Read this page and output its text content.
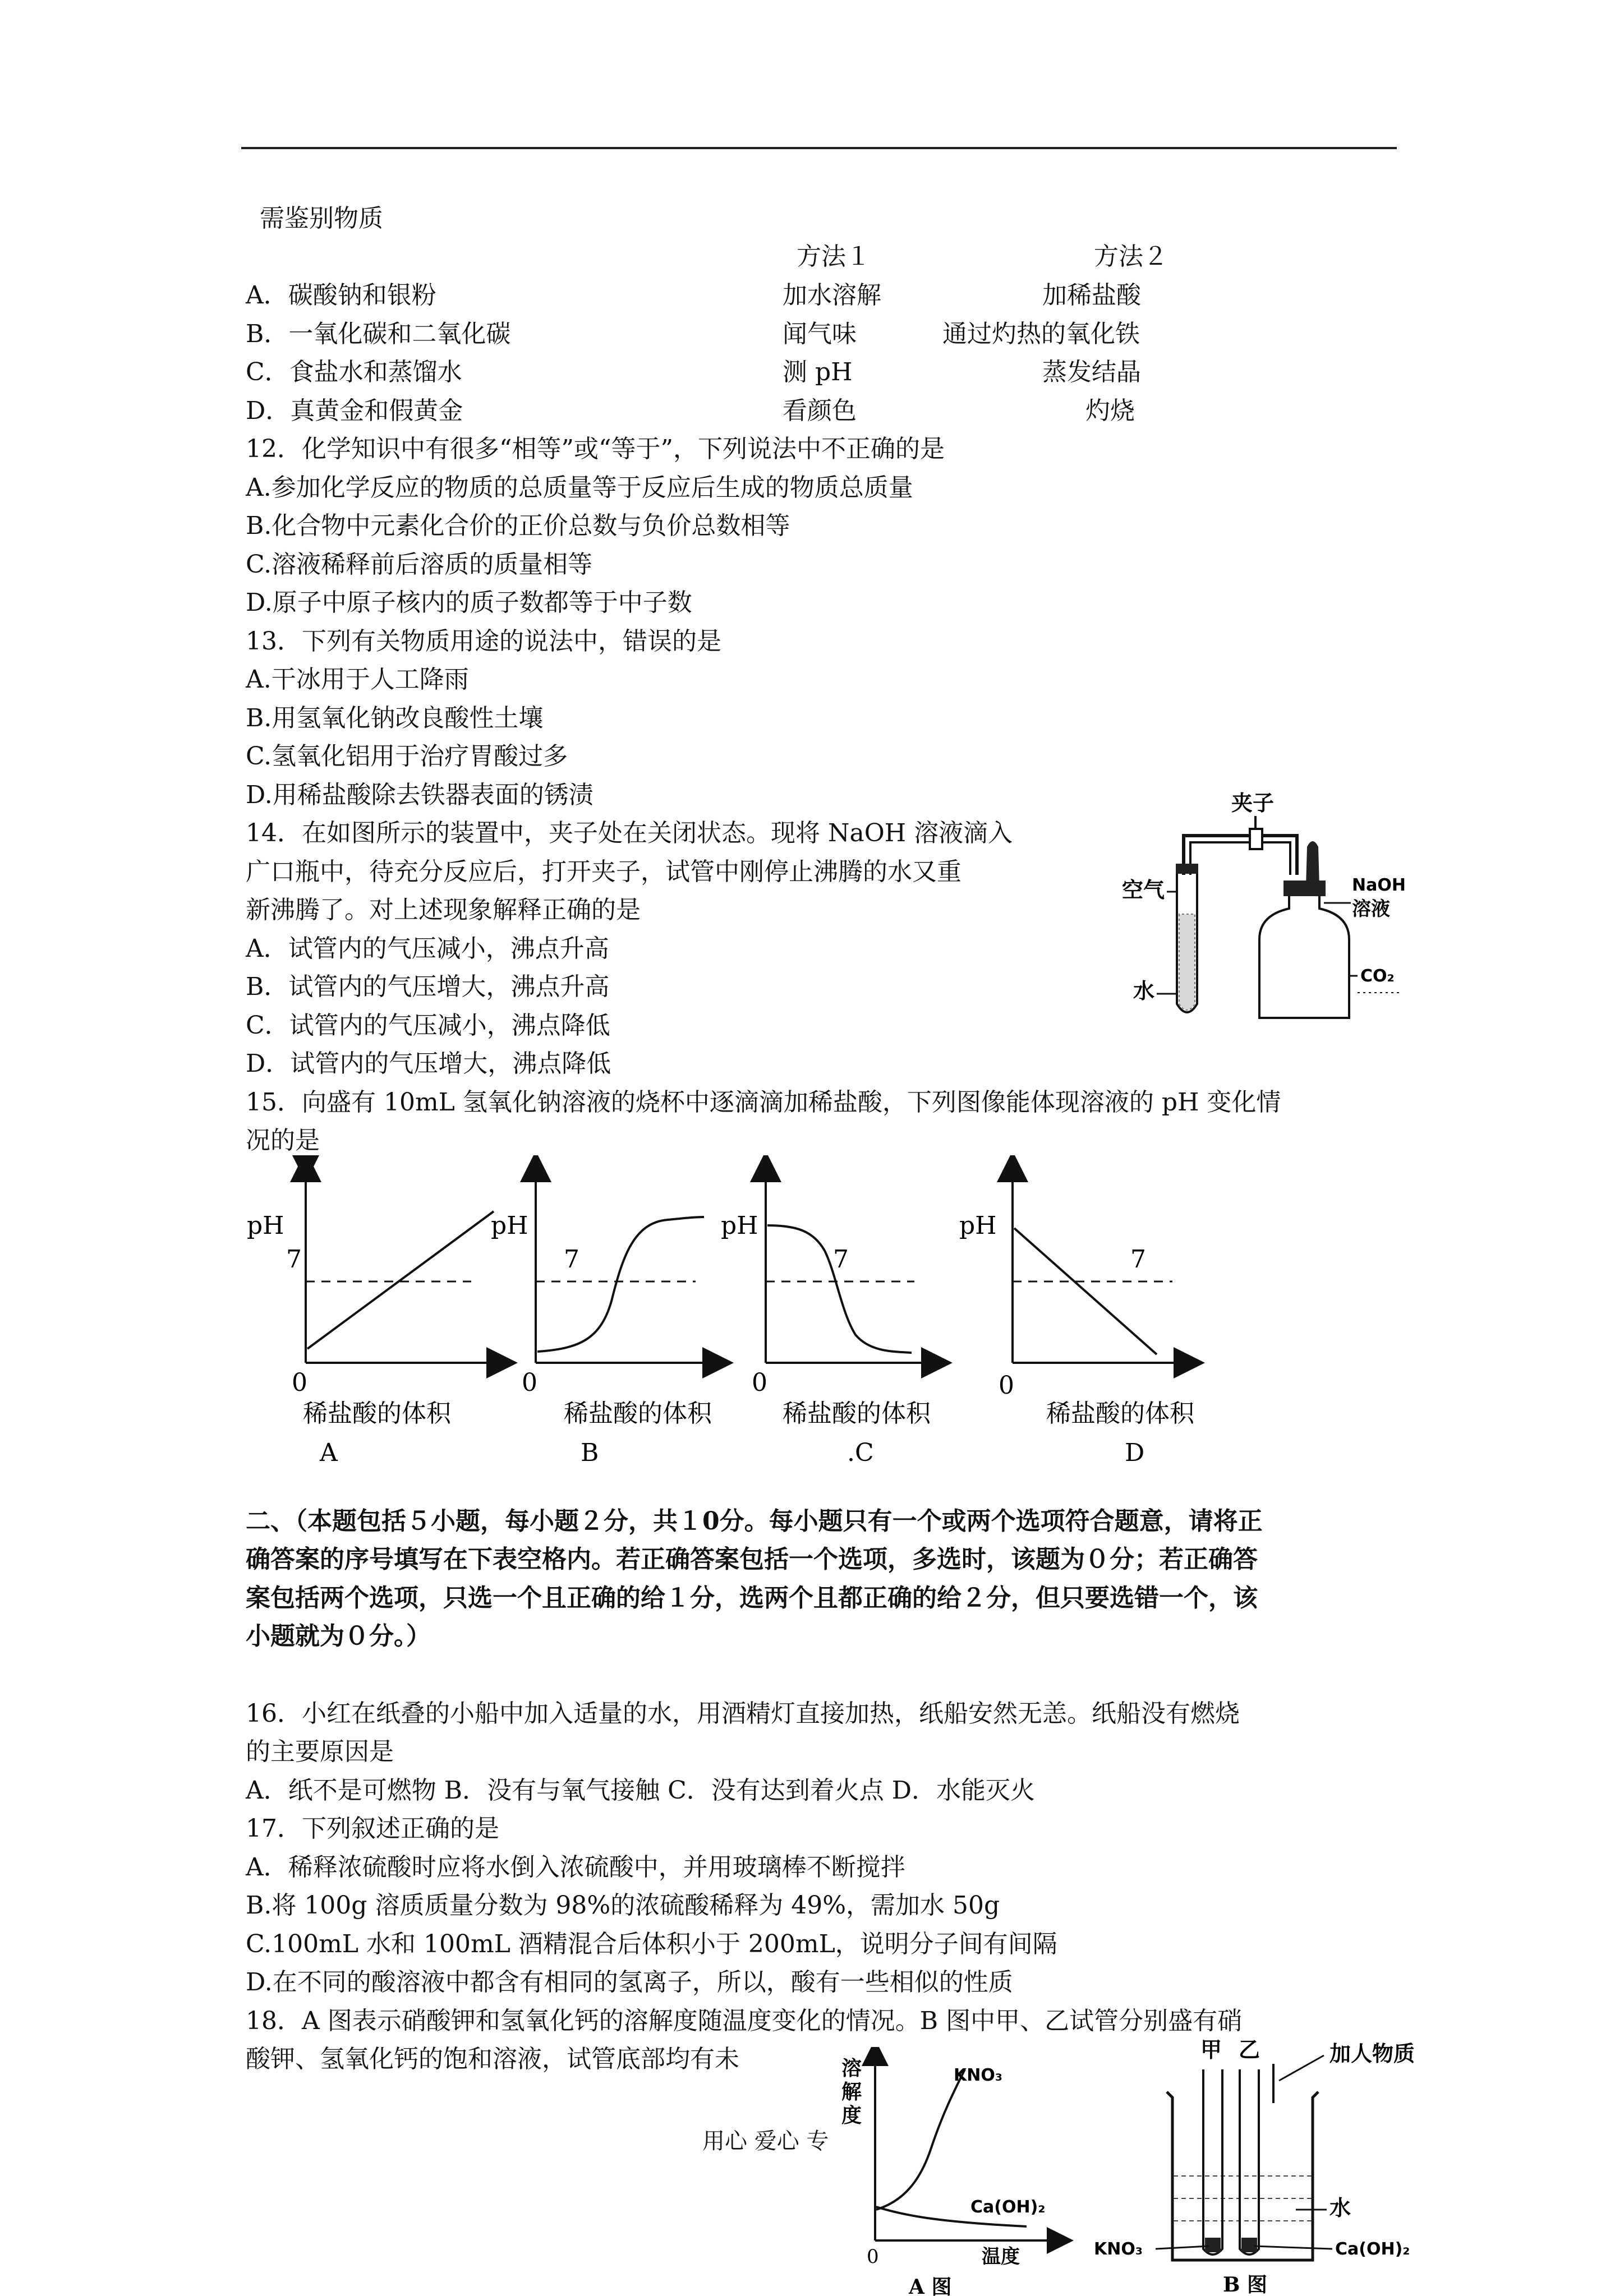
需鉴别物质
方法１	方法２
A．碳酸钠和银粉	加水溶解	加稀盐酸
B．一氧化碳和二氧化碳	闻气味	通过灼热的氧化铁
C．食盐水和蒸馏水	测 pH	蒸发结晶
D．真黄金和假黄金	看颜色	灼烧
12．化学知识中有很多“相等”或“等于”，下列说法中不正确的是
A.参加化学反应的物质的总质量等于反应后生成的物质总质量
B.化合物中元素化合价的正价总数与负价总数相等
C.溶液稀释前后溶质的质量相等
D.原子中原子核内的质子数都等于中子数
13．下列有关物质用途的说法中，错误的是
A.干冰用于人工降雨
B.用氢氧化钠改良酸性土壤
C.氢氧化铝用于治疗胃酸过多
D.用稀盐酸除去铁器表面的锈渍
14．在如图所示的装置中，夹子处在关闭状态。现将 NaOH 溶液滴入
广口瓶中，待充分反应后，打开夹子，试管中刚停止沸腾的水又重
新沸腾了。对上述现象解释正确的是
A．试管内的气压减小，沸点升高
B．试管内的气压增大，沸点升高
C．试管内的气压减小，沸点降低
D．试管内的气压增大，沸点降低
夹子
空气
水
NaOH
溶液
CO₂
15．向盛有 10mL 氢氧化钠溶液的烧杯中逐滴滴加稀盐酸，下列图像能体现溶液的 pH 变化情
况的是
pH
7
0
稀盐酸的体积
A
pH
7
0
稀盐酸的体积
B
pH
7
0
稀盐酸的体积
.C
pH
7
0
稀盐酸的体积
D
二、（本题包括５小题，每小题２分，共１0分。每小题只有一个或两个选项符合题意，请将正
确答案的序号填写在下表空格内。若正确答案包括一个选项，多选时，该题为０分；若正确答
案包括两个选项，只选一个且正确的给１分，选两个且都正确的给２分，但只要选错一个，该
小题就为０分。）
16．小红在纸叠的小船中加入适量的水，用酒精灯直接加热，纸船安然无恙。纸船没有燃烧
的主要原因是
A．纸不是可燃物 B．没有与氧气接触 C．没有达到着火点 D．水能灭火
17．下列叙述正确的是
A．稀释浓硫酸时应将水倒入浓硫酸中，并用玻璃棒不断搅拌
B.将 100g 溶质质量分数为 98%的浓硫酸稀释为 49%，需加水 50g
C.100mL 水和 100mL 酒精混合后体积小于 200mL，说明分子间有间隔
D.在不同的酸溶液中都含有相同的氢离子，所以，酸有一些相似的性质
18．A 图表示硝酸钾和氢氧化钙的溶解度随温度变化的情况。B 图中甲、乙试管分别盛有硝
酸钾、氢氧化钙的饱和溶液，试管底部均有未
用心 爱心 专
溶
解
度
KNO₃
Ca(OH)₂
0	温度
A 图
甲 乙	加人物质
水
KNO₃	Ca(OH)₂
B 图
